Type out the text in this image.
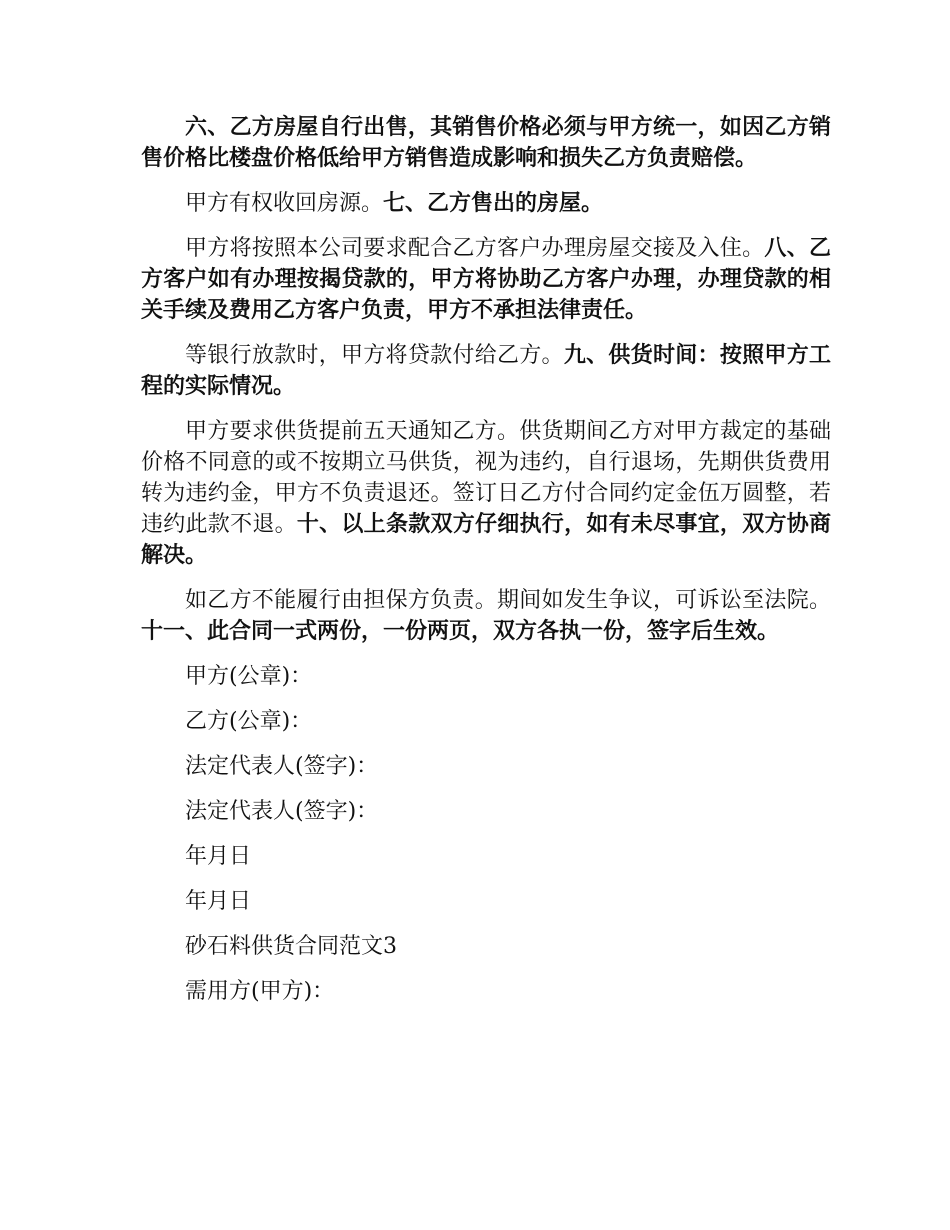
六、乙方房屋自行出售，其销售价格必须与甲方统一，如因乙方销售价格比楼盘价格低给甲方销售造成影响和损失乙方负责赔偿。

甲方有权收回房源。七、乙方售出的房屋。

甲方将按照本公司要求配合乙方客户办理房屋交接及入住。八、乙方客户如有办理按揭贷款的，甲方将协助乙方客户办理，办理贷款的相关手续及费用乙方客户负责，甲方不承担法律责任。

等银行放款时，甲方将贷款付给乙方。九、供货时间：按照甲方工程的实际情况。

甲方要求供货提前五天通知乙方。供货期间乙方对甲方裁定的基础价格不同意的或不按期立马供货，视为违约，自行退场，先期供货费用转为违约金，甲方不负责退还。签订日乙方付合同约定金伍万圆整，若违约此款不退。十、以上条款双方仔细执行，如有未尽事宜，双方协商解决。

如乙方不能履行由担保方负责。期间如发生争议，可诉讼至法院。十一、此合同一式两份，一份两页，双方各执一份，签字后生效。

甲方(公章)：

乙方(公章)：

法定代表人(签字)：

法定代表人(签字)：

年月日

年月日

砂石料供货合同范文3

需用方(甲方)：
